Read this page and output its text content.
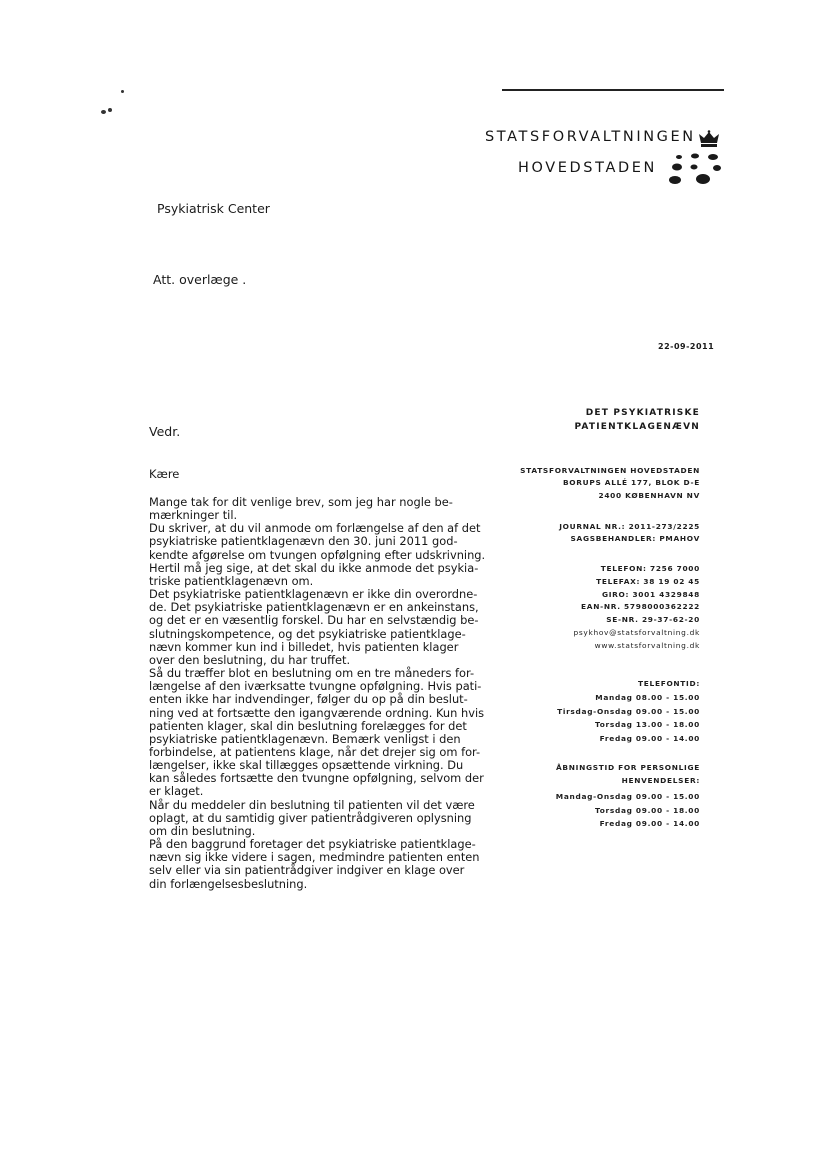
STATSFORVALTNINGEN
HOVEDSTADEN
Psykiatrisk Center
Att. overlæge .
22-09-2011
DET PSYKIATRISKE
PATIENTKLAGENÆVN
Vedr.
Kære	STATSFORVALTNINGEN HOVEDSTADEN
BORUPS ALLÉ 177, BLOK D-E
2400 KØBENHAVN NV
JOURNAL NR.: 2011-273/2225
SAGSBEHANDLER: PMAHOV
TELEFON: 7256 7000
TELEFAX: 38 19 02 45
GIRO: 3001 4329848
EAN-NR. 5798000362222
SE-NR. 29-37-62-20
psykhov@statsforvaltning.dk
www.statsforvaltning.dk
TELEFONTID:
Mandag 08.00 - 15.00
Tirsdag-Onsdag 09.00 - 15.00
Torsdag 13.00 - 18.00
Fredag 09.00 - 14.00
ÅBNINGSTID FOR PERSONLIGE
HENVENDELSER:
Mandag-Onsdag 09.00 - 15.00
Torsdag 09.00 - 18.00
Fredag 09.00 - 14.00
Mange tak for dit venlige brev, som jeg har nogle be-
mærkninger til.
Du skriver, at du vil anmode om forlængelse af den af det
psykiatriske patientklagenævn den 30. juni 2011 god-
kendte afgørelse om tvungen opfølgning efter udskrivning.
Hertil må jeg sige, at det skal du ikke anmode det psykia-
triske patientklagenævn om.
Det psykiatriske patientklagenævn er ikke din overordne-
de. Det psykiatriske patientklagenævn er en ankeinstans,
og det er en væsentlig forskel. Du har en selvstændig be-
slutningskompetence, og det psykiatriske patientklage-
nævn kommer kun ind i billedet, hvis patienten klager
over den beslutning, du har truffet.
Så du træffer blot en beslutning om en tre måneders for-
længelse af den iværksatte tvungne opfølgning. Hvis pati-
enten ikke har indvendinger, følger du op på din beslut-
ning ved at fortsætte den igangværende ordning. Kun hvis
patienten klager, skal din beslutning forelægges for det
psykiatriske patientklagenævn. Bemærk venligst i den
forbindelse, at patientens klage, når det drejer sig om for-
længelser, ikke skal tillægges opsættende virkning. Du
kan således fortsætte den tvungne opfølgning, selvom der
er klaget.
Når du meddeler din beslutning til patienten vil det være
oplagt, at du samtidig giver patientrådgiveren oplysning
om din beslutning.
På den baggrund foretager det psykiatriske patientklage-
nævn sig ikke videre i sagen, medmindre patienten enten
selv eller via sin patientrådgiver indgiver en klage over
din forlængelsesbeslutning.
